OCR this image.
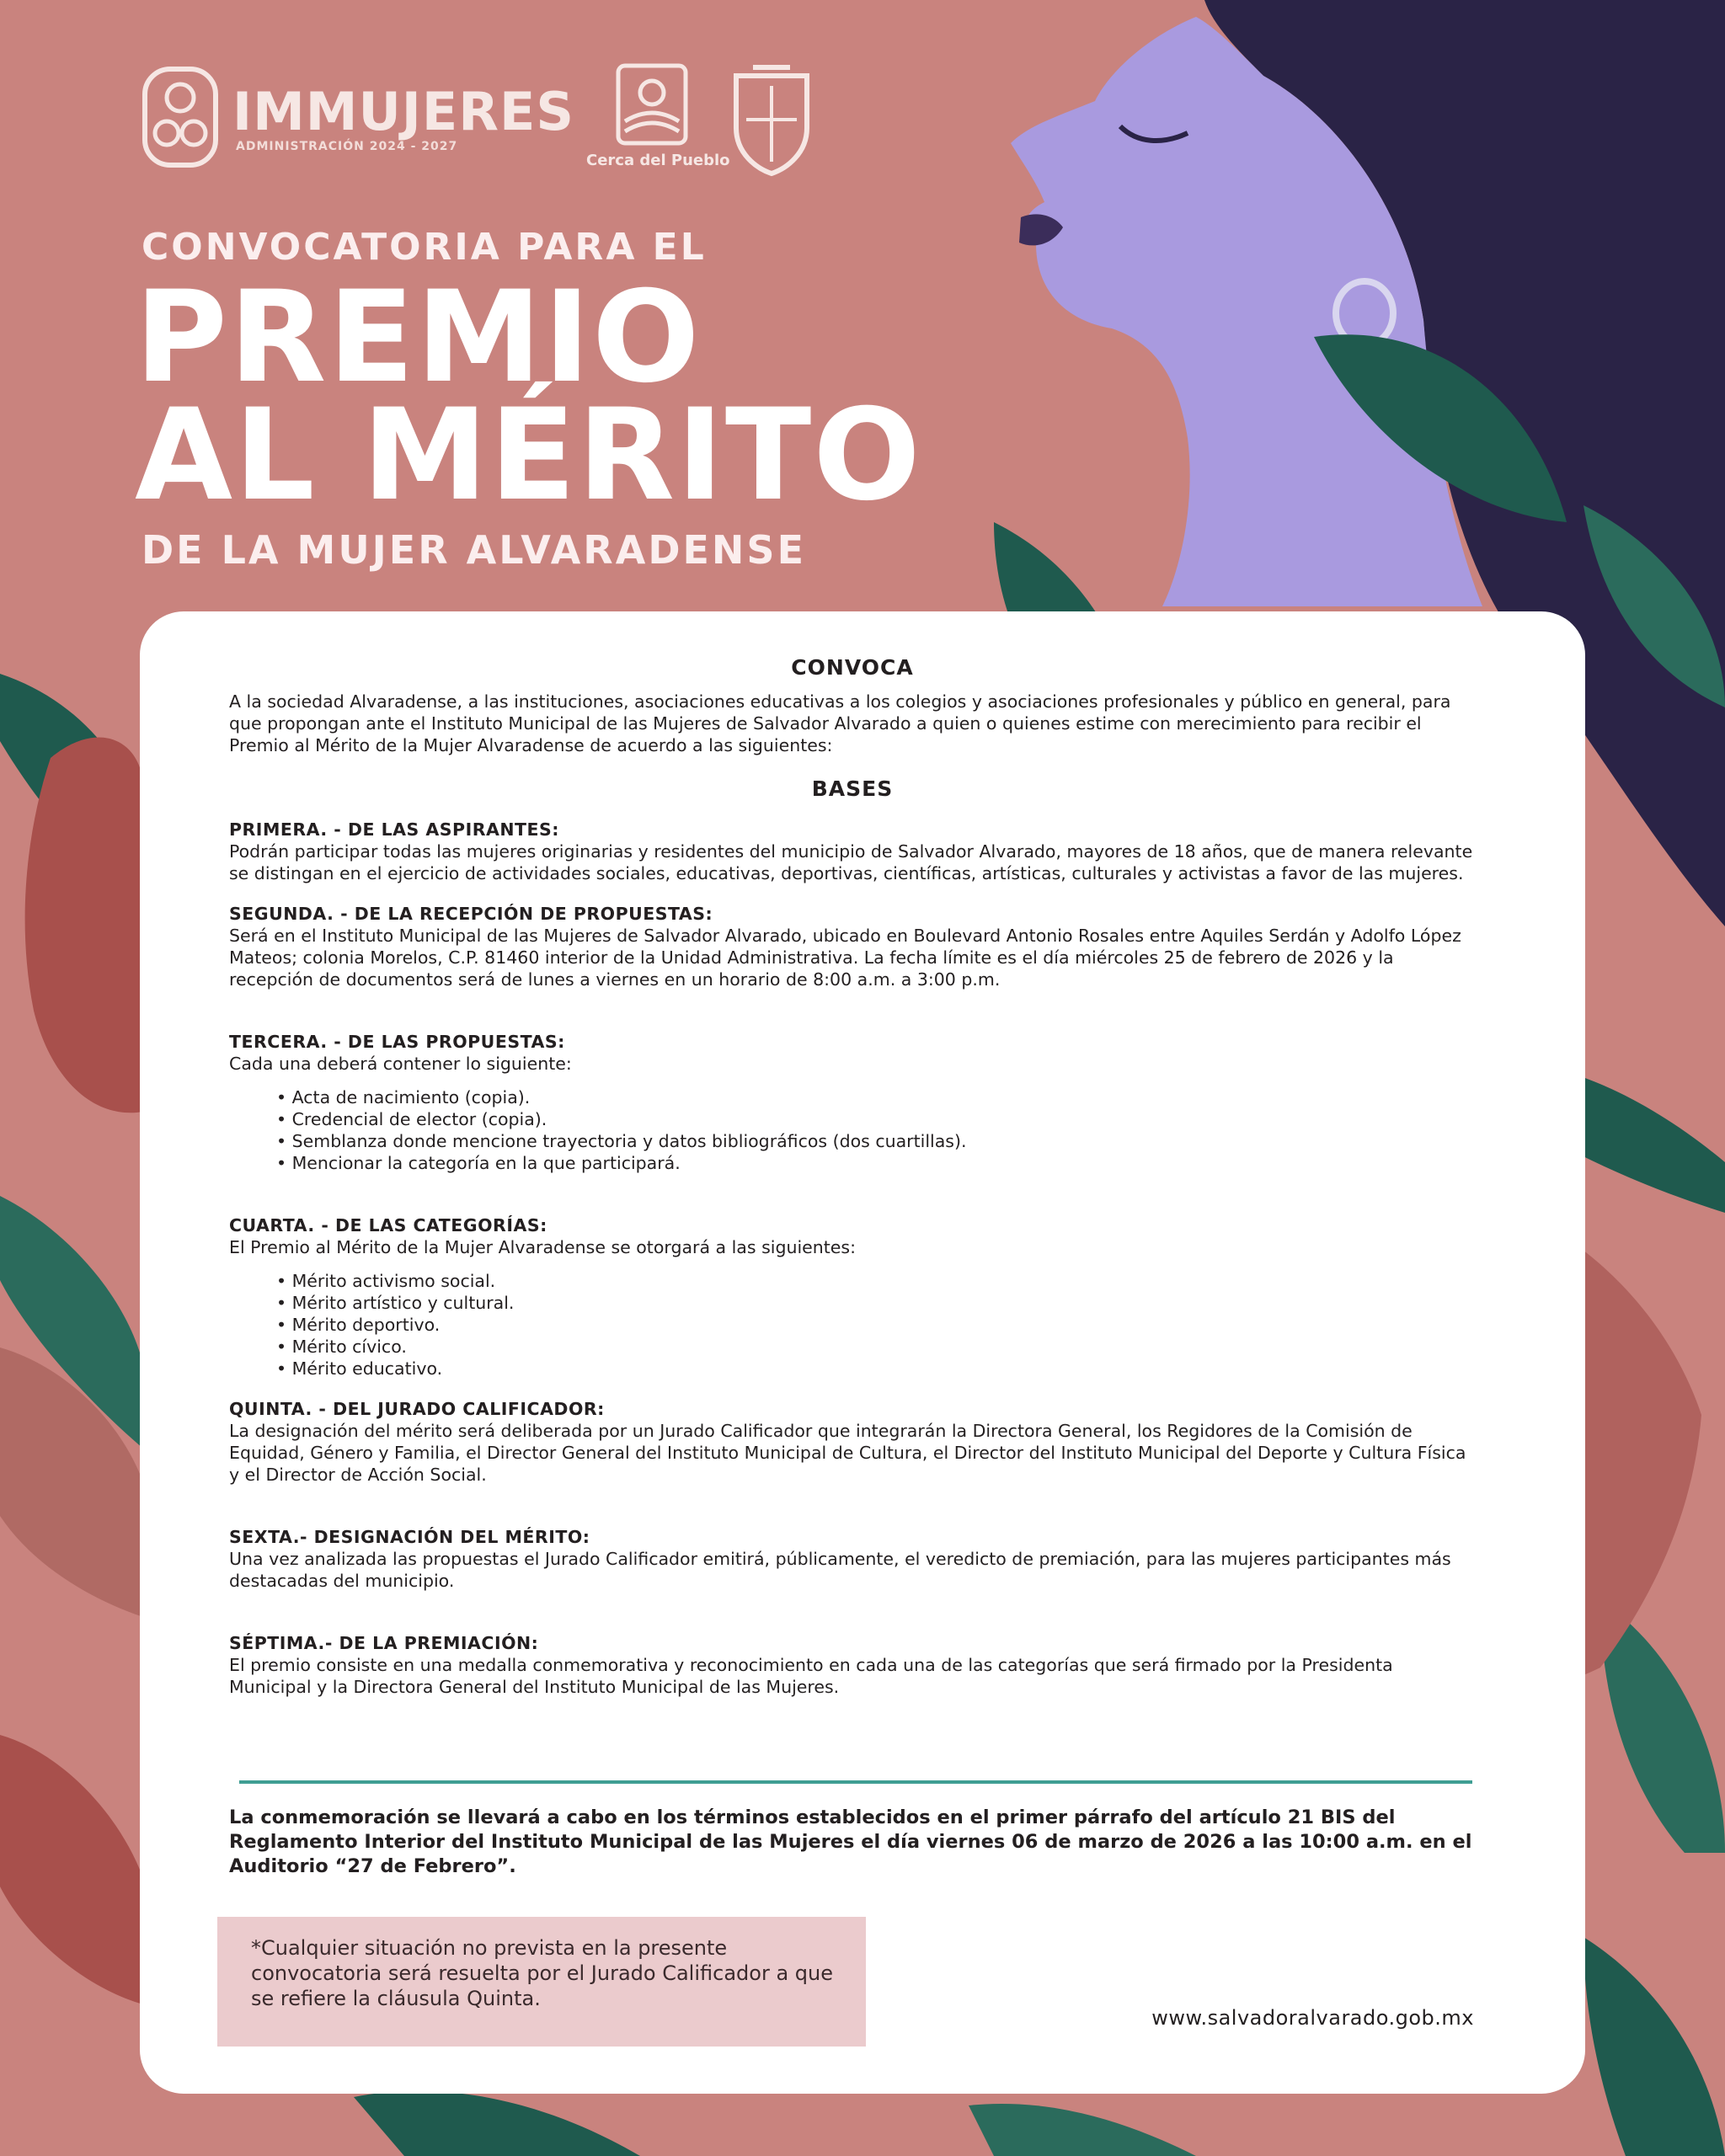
IMMUJERES
ADMINISTRACIÓN 2024 - 2027
Cerca del Pueblo
CONVOCATORIA PARA EL
PREMIO
AL MÉRITO
DE LA MUJER ALVARADENSE

CONVOCA

A la sociedad Alvaradense, a las instituciones, asociaciones educativas a los colegios y asociaciones profesionales y público en general, para que propongan ante el Instituto Municipal de las Mujeres de Salvador Alvarado a quien o quienes estime con merecimiento para recibir el Premio al Mérito de la Mujer Alvaradense de acuerdo a las siguientes:

BASES

PRIMERA. - DE LAS ASPIRANTES:

Podrán participar todas las mujeres originarias y residentes del municipio de Salvador Alvarado, mayores de 18 años, que de manera relevante se distingan en el ejercicio de actividades sociales, educativas, deportivas, científicas, artísticas, culturales y activistas a favor de las mujeres.

SEGUNDA. - DE LA RECEPCIÓN DE PROPUESTAS:

Será en el Instituto Municipal de las Mujeres de Salvador Alvarado, ubicado en Boulevard Antonio Rosales entre Aquiles Serdán y Adolfo López Mateos; colonia Morelos, C.P. 81460 interior de la Unidad Administrativa. La fecha límite es el día miércoles 25 de febrero de 2026 y la recepción de documentos será de lunes a viernes en un horario de 8:00 a.m. a 3:00 p.m.

TERCERA. - DE LAS PROPUESTAS:

Cada una deberá contener lo siguiente:

• Acta de nacimiento (copia).
• Credencial de elector (copia).
• Semblanza donde mencione trayectoria y datos bibliográficos (dos cuartillas).
• Mencionar la categoría en la que participará.
CUARTA. - DE LAS CATEGORÍAS:

El Premio al Mérito de la Mujer Alvaradense se otorgará a las siguientes:

• Mérito activismo social.
• Mérito artístico y cultural.
• Mérito deportivo.
• Mérito cívico.
• Mérito educativo.
QUINTA. - DEL JURADO CALIFICADOR:

La designación del mérito será deliberada por un Jurado Calificador que integrarán la Directora General, los Regidores de la Comisión de Equidad, Género y Familia, el Director General del Instituto Municipal de Cultura, el Director del Instituto Municipal del Deporte y Cultura Física y el Director de Acción Social.

SEXTA.- DESIGNACIÓN DEL MÉRITO:

Una vez analizada las propuestas el Jurado Calificador emitirá, públicamente, el veredicto de premiación, para las mujeres participantes más destacadas del municipio.

SÉPTIMA.- DE LA PREMIACIÓN:

El premio consiste en una medalla conmemorativa y reconocimiento en cada una de las categorías que será firmado por la Presidenta Municipal y la Directora General del Instituto Municipal de las Mujeres.

La conmemoración se llevará a cabo en los términos establecidos en el primer párrafo del artículo 21 BIS del Reglamento Interior del Instituto Municipal de las Mujeres el día viernes 06 de marzo de 2026 a las 10:00 a.m. en el Auditorio “27 de Febrero”.
*Cualquier situación no prevista en la presente convocatoria será resuelta por el Jurado Calificador a que se refiere la cláusula Quinta.
www.salvadoralvarado.gob.mx
